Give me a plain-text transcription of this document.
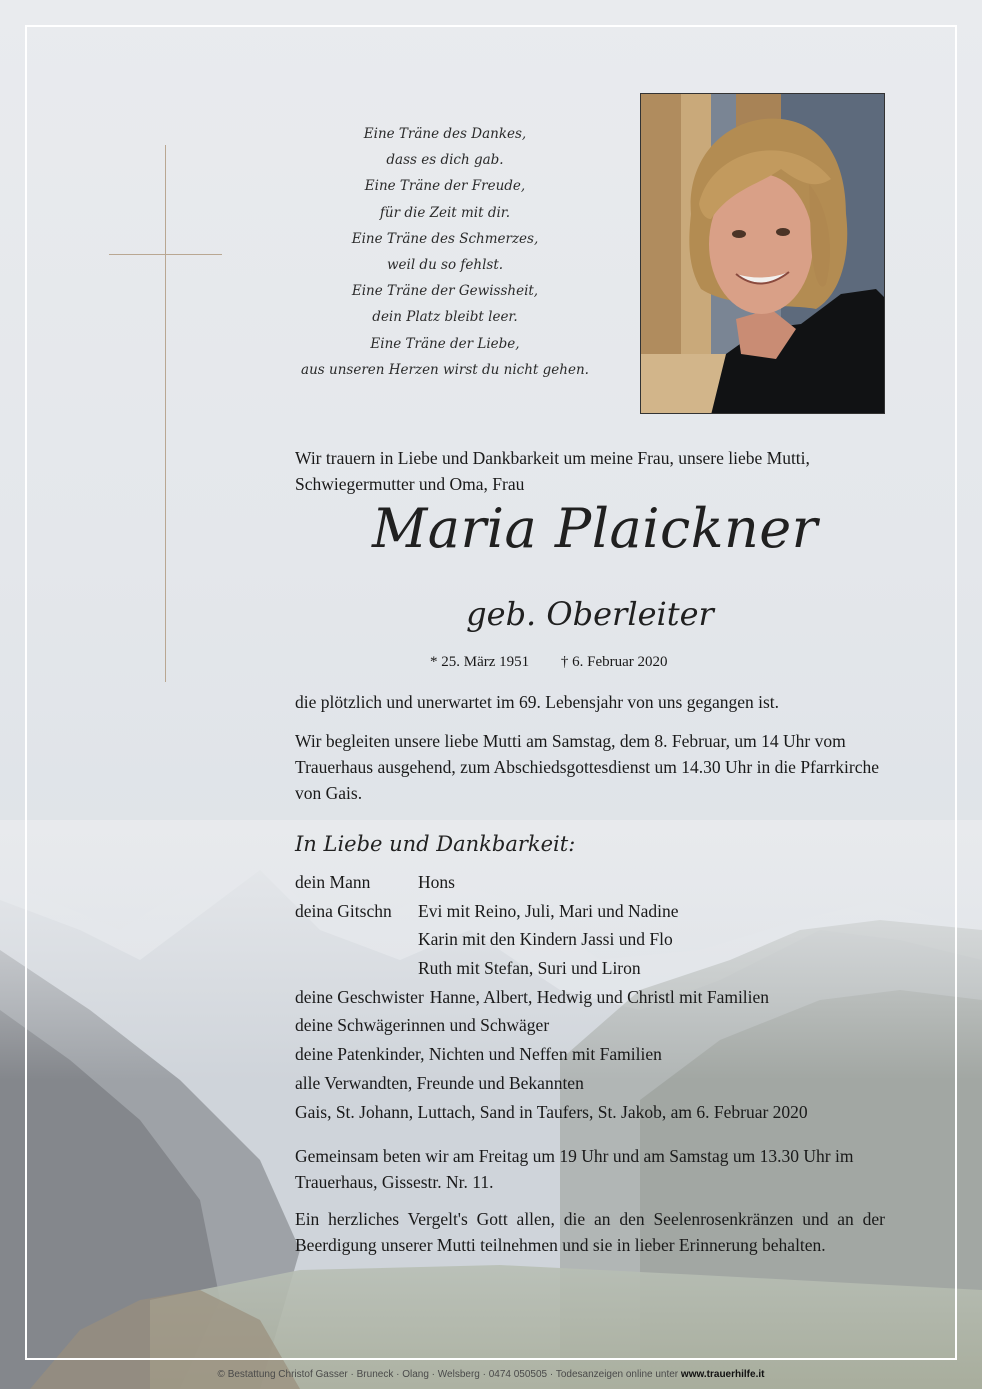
Eine Träne des Dankes,
dass es dich gab.
Eine Träne der Freude,
für die Zeit mit dir.
Eine Träne des Schmerzes,
weil du so fehlst.
Eine Träne der Gewissheit,
dein Platz bleibt leer.
Eine Träne der Liebe,
aus unseren Herzen wirst du nicht gehen.
Wir trauern in Liebe und Dankbarkeit um meine Frau, unsere liebe Mutti, Schwiegermutter und Oma, Frau
Maria Plaickner
geb. Oberleiter
* 25. März 1951 † 6. Februar 2020
die plötzlich und unerwartet im 69. Lebensjahr von uns gegangen ist.
Wir begleiten unsere liebe Mutti am Samstag, dem 8. Februar, um 14 Uhr vom Trauerhaus ausgehend, zum Abschiedsgottesdienst um 14.30 Uhr in die Pfarrkirche von Gais.
In Liebe und Dankbarkeit:
dein Mann	Hons
deina Gitschn Evi mit Reino, Juli, Mari und Nadine
Karin mit den Kindern Jassi und Flo
Ruth mit Stefan, Suri und Liron
deine Geschwister Hanne, Albert, Hedwig und Christl mit Familien
deine Schwägerinnen und Schwäger
deine Patenkinder, Nichten und Neffen mit Familien
alle Verwandten, Freunde und Bekannten
Gais, St. Johann, Luttach, Sand in Taufers, St. Jakob, am 6. Februar 2020
Gemeinsam beten wir am Freitag um 19 Uhr und am Samstag um 13.30 Uhr im Trauerhaus, Gissestr. Nr. 11.
Ein herzliches Vergelt's Gott allen, die an den Seelenrosenkränzen und an der Beerdigung unserer Mutti teilnehmen und sie in lieber Erinnerung behalten.
© Bestattung Christof Gasser · Bruneck · Olang · Welsberg · 0474 050505 · Todesanzeigen online unter www.trauerhilfe.it
